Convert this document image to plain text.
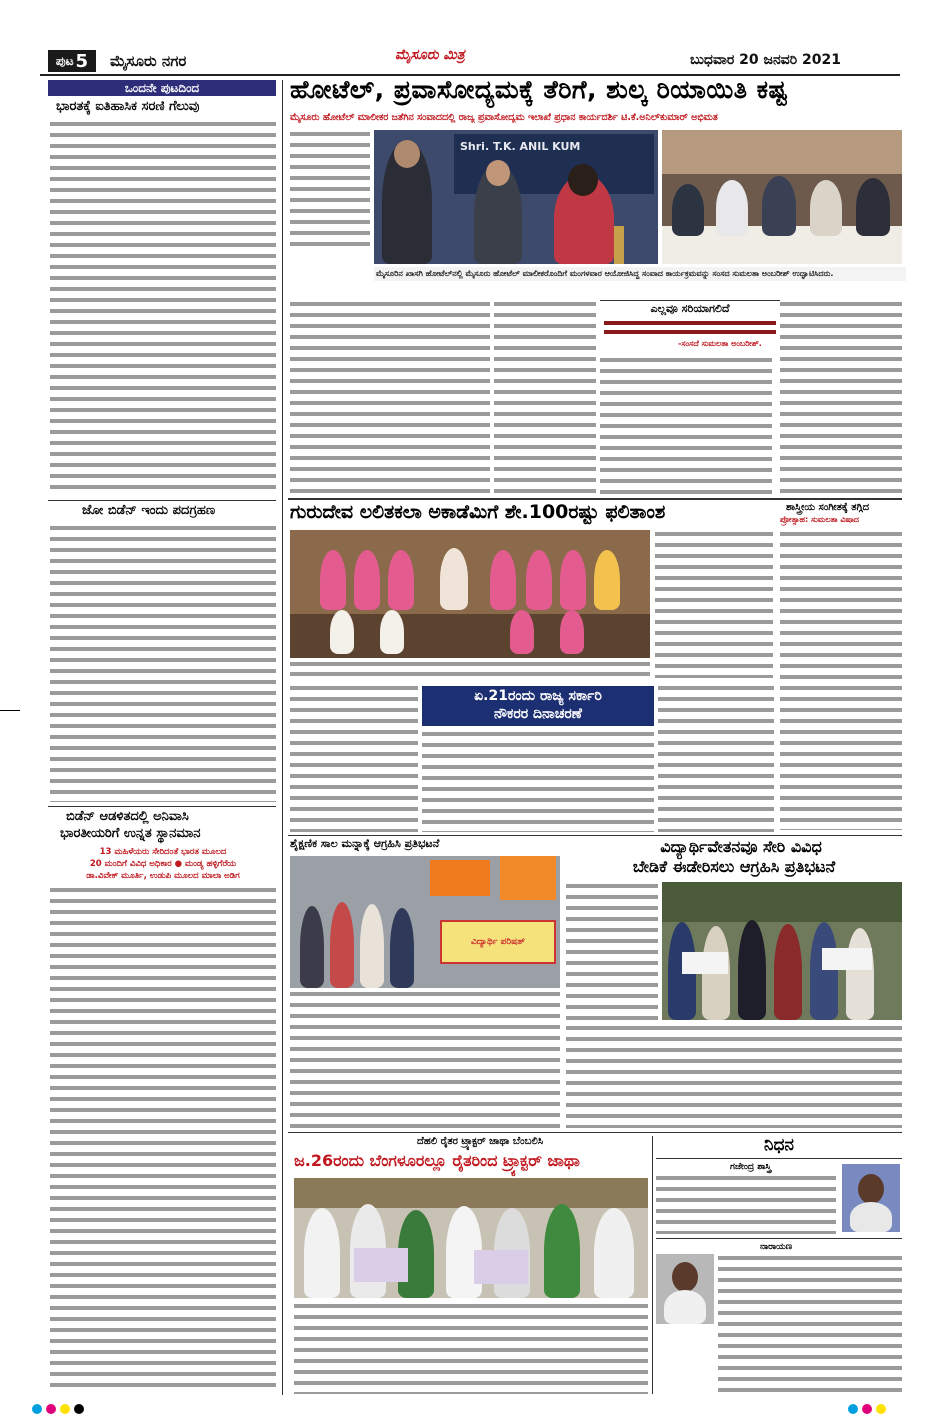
ಪುಟ 5 ಮೈಸೂರು ನಗರ	ಮೈಸೂರು ಮಿತ್ರ	ಬುಧವಾರ 20 ಜನವರಿ 2021
ಒಂದನೇ ಪುಟದಿಂದ
ಭಾರತಕ್ಕೆ ಐತಿಹಾಸಿಕ ಸರಣಿ ಗೆಲುವು
ಜೋ ಬಿಡೆನ್ ಇಂದು ಪದಗ್ರಹಣ
ಬಿಡೆನ್ ಆಡಳಿತದಲ್ಲಿ ಅನಿವಾಸಿ
ಭಾರತೀಯರಿಗೆ ಉನ್ನತ ಸ್ಥಾನಮಾನ
13 ಮಹಿಳೆಯರು ಸೇರಿದಂತೆ ಭಾರತ ಮೂಲದ
20 ಮಂದಿಗೆ ವಿವಿಧ ಅಧಿಕಾರ ● ಮಂಡ್ಯ ಹಳ್ಳಿಗೆರೆಯ
ಡಾ.ವಿವೇಕ್ ಮೂರ್ತಿ, ಉಡುಪಿ ಮೂಲದ ಮಾಲಾ ಅಡಿಗ
ಹೋಟೆಲ್, ಪ್ರವಾಸೋದ್ಯಮಕ್ಕೆ ತೆರಿಗೆ, ಶುಲ್ಕ ರಿಯಾಯಿತಿ ಕಷ್ಟ
ಮೈಸೂರು ಹೋಟೆಲ್ ಮಾಲೀಕರ ಜತೆಗಿನ ಸಂವಾದದಲ್ಲಿ ರಾಜ್ಯ ಪ್ರವಾಸೋದ್ಯಮ ಇಲಾಖೆ ಪ್ರಧಾನ ಕಾರ್ಯದರ್ಶಿ ಟಿ.ಕೆ.ಅನಿಲ್‌ಕುಮಾರ್ ಅಭಿಮತ
Shri. T.K. ANIL KUM
ಮೈಸೂರಿನ ಖಾಸಗಿ ಹೋಟೆಲ್‌ನಲ್ಲಿ ಮೈಸೂರು ಹೋಟೆಲ್ ಮಾಲೀಕರೊಂದಿಗೆ ಮಂಗಳವಾರ ಆಯೋಜಿಸಿದ್ದ ಸಂವಾದ ಕಾರ್ಯಕ್ರಮವನ್ನು ಸಂಸದ ಸುಮಲತಾ ಅಂಬರೀಶ್ ಉದ್ಘಾಟಿಸಿದರು.
ಎಲ್ಲವೂ ಸರಿಯಾಗಲಿದೆ
-ಸಂಸದೆ ಸುಮಲತಾ ಅಂಬರೀಶ್.
ಗುರುದೇವ ಲಲಿತಕಲಾ ಅಕಾಡೆಮಿಗೆ ಶೇ.100ರಷ್ಟು ಫಲಿತಾಂಶ	ಶಾಸ್ತ್ರೀಯ ಸಂಗೀತಕ್ಕೆ ತಗ್ಗಿದ
ಪ್ರೋತ್ಸಾಹ: ಸುಮಲತಾ ವಿಷಾದ
ಏ.21ರಂದು ರಾಜ್ಯ ಸರ್ಕಾರಿ
ನೌಕರರ ದಿನಾಚರಣೆ
ಶೈಕ್ಷಣಿಕ ಸಾಲ ಮನ್ನಾಕ್ಕೆ ಆಗ್ರಹಿಸಿ ಪ್ರತಿಭಟನೆ
ವಿದ್ಯಾರ್ಥಿ ಪರಿಷತ್
ವಿದ್ಯಾರ್ಥಿವೇತನವೂ ಸೇರಿ ವಿವಿಧ
ಬೇಡಿಕೆ ಈಡೇರಿಸಲು ಆಗ್ರಹಿಸಿ ಪ್ರತಿಭಟನೆ
ದೆಹಲಿ ರೈತರ ಟ್ರ್ಯಾಕ್ಟರ್ ಜಾಥಾ ಬೆಂಬಲಿಸಿ
ಜ.26ರಂದು ಬೆಂಗಳೂರಲ್ಲೂ ರೈತರಿಂದ ಟ್ರ್ಯಾಕ್ಟರ್ ಜಾಥಾ
ನಿಧನ
ಗಜೇಂದ್ರ ಶಾಸ್ತ್ರಿ
ನಾರಾಯಣ
